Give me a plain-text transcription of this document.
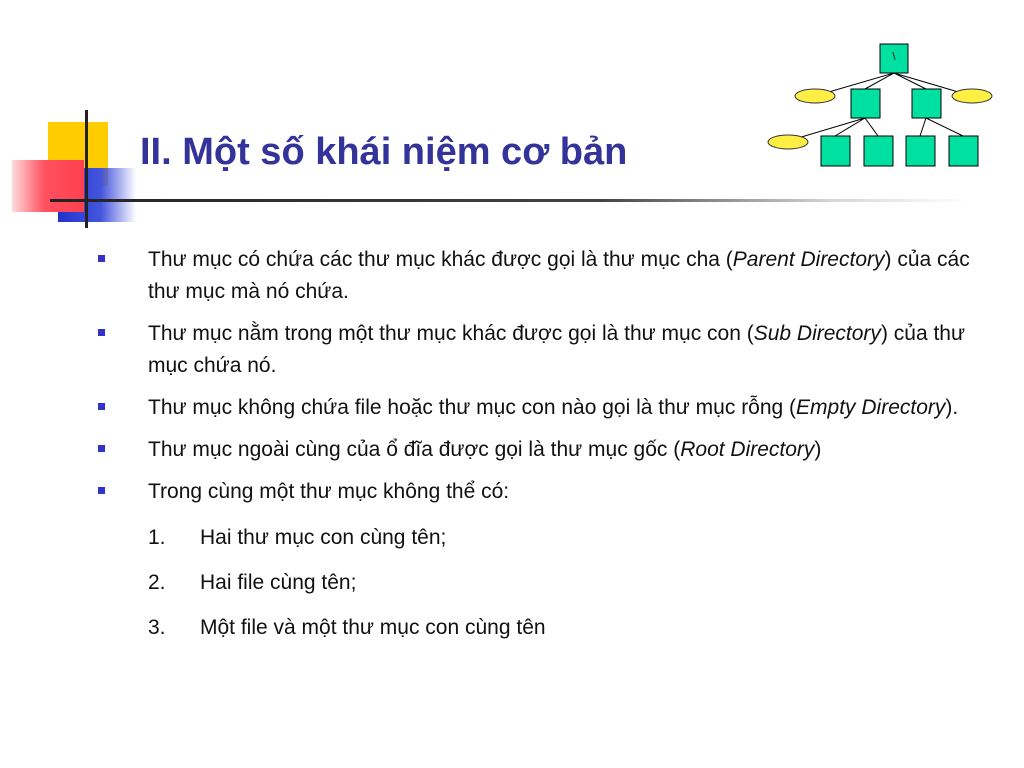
II. Một số khái niệm cơ bản
\
Thư mục có chứa các thư mục khác được gọi là thư mục cha (Parent Directory) của các thư mục mà nó chứa.
Thư mục nằm trong một thư mục khác được gọi là thư mục con (Sub Directory) của thư mục chứa nó.
Thư mục không chứa file hoặc thư mục con nào gọi là thư mục rỗng (Empty Directory).
Thư mục ngoài cùng của ổ đĩa được gọi là thư mục gốc (Root Directory)
Trong cùng một thư mục không thể có:
1. Hai thư mục con cùng tên;
2. Hai file cùng tên;
3. Một file và một thư mục con cùng tên
